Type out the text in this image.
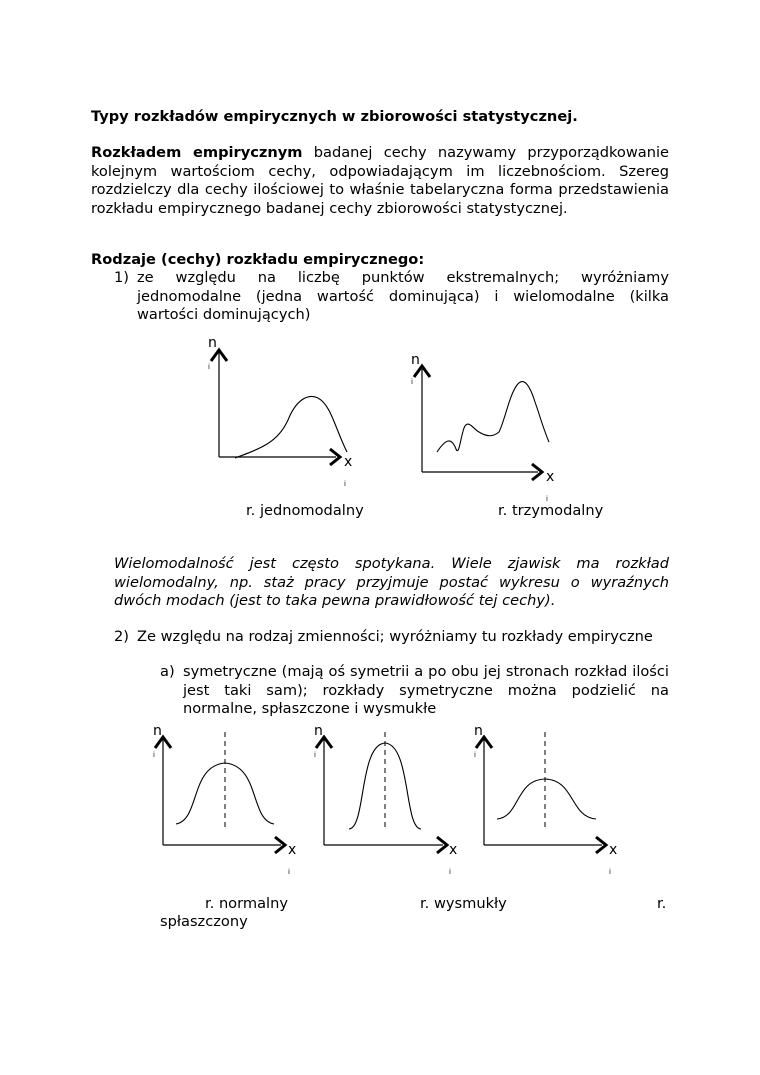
Typy rozkładów empirycznych w zbiorowości statystycznej.
Rozkładem empirycznym badanej cechy nazywamy przyporządkowanie kolejnym wartościom cechy, odpowiadającym im liczebnościom. Szereg rozdzielczy dla cechy ilościowej to właśnie tabelaryczna forma przedstawienia rozkładu empirycznego badanej cechy zbiorowości statystycznej.
Rodzaje (cechy) rozkładu empirycznego:
1) ze względu na liczbę punktów ekstremalnych; wyróżniamy jednomodalne (jedna wartość dominująca) i wielomodalne (kilka wartości dominujących)
n
i
x
i
n
i
x
i
r. jednomodalny	r. trzymodalny
Wielomodalność jest często spotykana. Wiele zjawisk ma rozkład wielomodalny, np. staż pracy przyjmuje postać wykresu o wyraźnych dwóch modach (jest to taka pewna prawidłowość tej cechy).
2) Ze względu na rodzaj zmienności; wyróżniamy tu rozkłady empiryczne
a) symetryczne (mają oś symetrii a po obu jej stronach rozkład ilości jest taki sam); rozkłady symetryczne można podzielić na normalne, spłaszczone i wysmukłe
n
i
x
i
n
i
x
i
n
i
x
i
r. normalny	r. wysmukły	r.
spłaszczony
